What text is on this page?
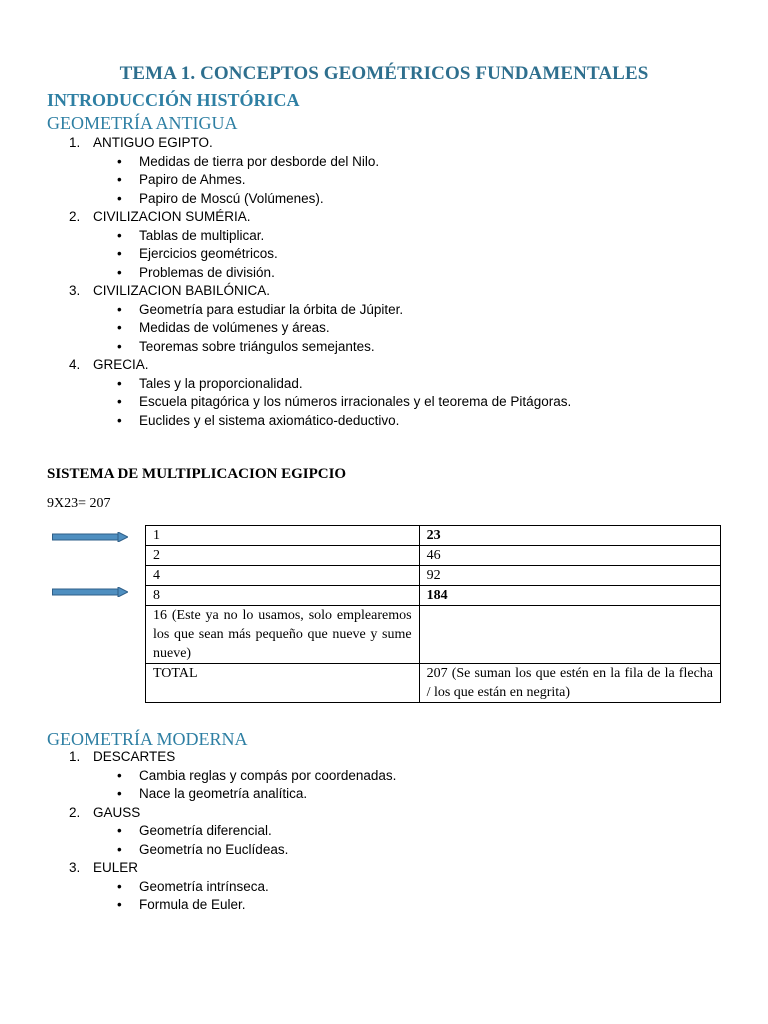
TEMA 1. CONCEPTOS GEOMÉTRICOS FUNDAMENTALES
INTRODUCCIÓN HISTÓRICA
GEOMETRÍA ANTIGUA
1. ANTIGUO EGIPTO.
• Medidas de tierra por desborde del Nilo.
• Papiro de Ahmes.
• Papiro de Moscú (Volúmenes).
2. CIVILIZACION SUMÉRIA.
• Tablas de multiplicar.
• Ejercicios geométricos.
• Problemas de división.
3. CIVILIZACION BABILÓNICA.
• Geometría para estudiar la órbita de Júpiter.
• Medidas de volúmenes y áreas.
• Teoremas sobre triángulos semejantes.
4. GRECIA.
• Tales y la proporcionalidad.
• Escuela pitagórica y los números irracionales y el teorema de Pitágoras.
• Euclides y el sistema axiomático-deductivo.
SISTEMA DE MULTIPLICACION EGIPCIO
9X23= 207
1	23
2	46
4	92
8	184
16 (Este ya no lo usamos, solo emplearemos los que sean más pequeño que nueve y sume nueve)	
TOTAL	207 (Se suman los que estén en la fila de la flecha / los que están en negrita)
GEOMETRÍA MODERNA
1. DESCARTES
• Cambia reglas y compás por coordenadas.
• Nace la geometría analítica.
2. GAUSS
• Geometría diferencial.
• Geometría no Euclídeas.
3. EULER
• Geometría intrínseca.
• Formula de Euler.
